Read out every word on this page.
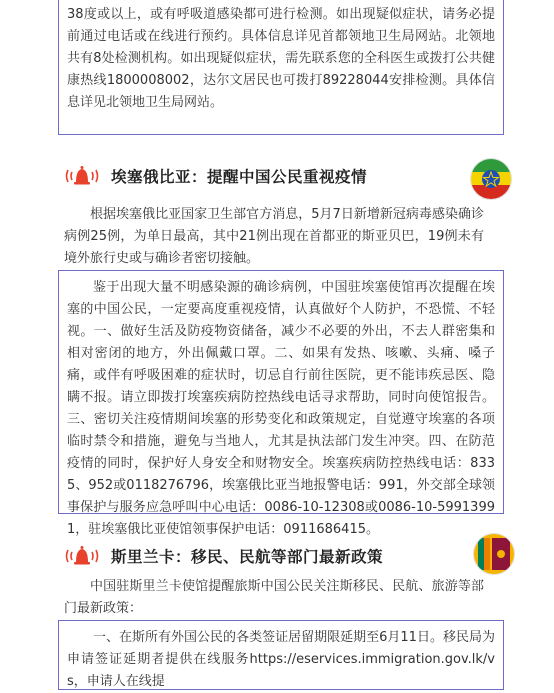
38度或以上，或有呼吸道感染都可进行检测。如出现疑似症状，请务必提前通过电话或在线进行预约。具体信息详见首都领地卫生局网站。北领地共有8处检测机构。如出现疑似症状，需先联系您的全科医生或拨打公共健康热线1800008002，达尔文居民也可拨打89228044安排检测。具体信息详见北领地卫生局网站。

埃塞俄比亚：提醒中国公民重视疫情

根据埃塞俄比亚国家卫生部官方消息，5月7日新增新冠病毒感染确诊病例25例，为单日最高，其中21例出现在首都亚的斯亚贝巴，19例未有境外旅行史或与确诊者密切接触。

鉴于出现大量不明感染源的确诊病例，中国驻埃塞使馆再次提醒在埃塞的中国公民，一定要高度重视疫情，认真做好个人防护，不恐慌、不轻视。一、做好生活及防疫物资储备，减少不必要的外出，不去人群密集和相对密闭的地方，外出佩戴口罩。二、如果有发热、咳嗽、头痛、嗓子痛，或伴有呼吸困难的症状时，切忌自行前往医院，更不能讳疾忌医、隐瞒不报。请立即拨打埃塞疾病防控热线电话寻求帮助，同时向使馆报告。三、密切关注疫情期间埃塞的形势变化和政策规定，自觉遵守埃塞的各项临时禁令和措施，避免与当地人，尤其是执法部门发生冲突。四、在防范疫情的同时，保护好人身安全和财物安全。埃塞疾病防控热线电话：8335、952或0118276796，埃塞俄比亚当地报警电话：991，外交部全球领事保护与服务应急呼叫中心电话：0086-10-12308或0086-10-59913991，驻埃塞俄比亚使馆领事保护电话：0911686415。

斯里兰卡：移民、民航等部门最新政策

中国驻斯里兰卡使馆提醒旅斯中国公民关注斯移民、民航、旅游等部门最新政策：

一、在斯所有外国公民的各类签证居留期限延期至6月11日。移民局为申请签证延期者提供在线服务https://eservices.immigration.gov.lk/vs，申请人在线提
